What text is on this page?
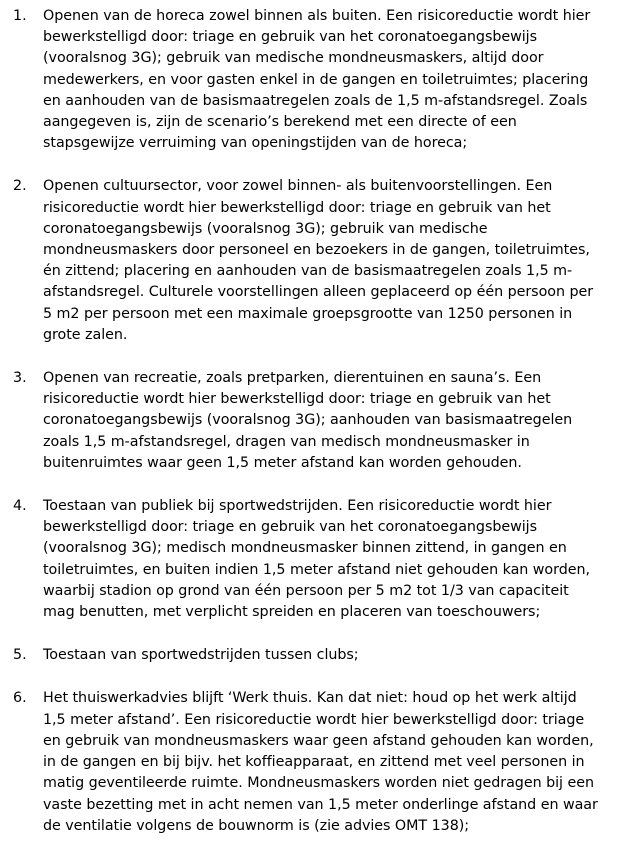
1. Openen van de horeca zowel binnen als buiten. Een risicoreductie wordt hier
bewerkstelligd door: triage en gebruik van het coronatoegangsbewijs
(vooralsnog 3G); gebruik van medische mondneusmaskers, altijd door
medewerkers, en voor gasten enkel in de gangen en toiletruimtes; placering
en aanhouden van de basismaatregelen zoals de 1,5 m-afstandsregel. Zoals
aangegeven is, zijn de scenario’s berekend met een directe of een
stapsgewijze verruiming van openingstijden van de horeca;
2. Openen cultuursector, voor zowel binnen- als buitenvoorstellingen. Een
risicoreductie wordt hier bewerkstelligd door: triage en gebruik van het
coronatoegangsbewijs (vooralsnog 3G); gebruik van medische
mondneusmaskers door personeel en bezoekers in de gangen, toiletruimtes,
én zittend; placering en aanhouden van de basismaatregelen zoals 1,5 m-
afstandsregel. Culturele voorstellingen alleen geplaceerd op één persoon per
5 m2 per persoon met een maximale groepsgrootte van 1250 personen in
grote zalen.
3. Openen van recreatie, zoals pretparken, dierentuinen en sauna’s. Een
risicoreductie wordt hier bewerkstelligd door: triage en gebruik van het
coronatoegangsbewijs (vooralsnog 3G); aanhouden van basismaatregelen
zoals 1,5 m-afstandsregel, dragen van medisch mondneusmasker in
buitenruimtes waar geen 1,5 meter afstand kan worden gehouden.
4. Toestaan van publiek bij sportwedstrijden. Een risicoreductie wordt hier
bewerkstelligd door: triage en gebruik van het coronatoegangsbewijs
(vooralsnog 3G); medisch mondneusmasker binnen zittend, in gangen en
toiletruimtes, en buiten indien 1,5 meter afstand niet gehouden kan worden,
waarbij stadion op grond van één persoon per 5 m2 tot 1/3 van capaciteit
mag benutten, met verplicht spreiden en placeren van toeschouwers;
5. Toestaan van sportwedstrijden tussen clubs;
6. Het thuiswerkadvies blijft ‘Werk thuis. Kan dat niet: houd op het werk altijd
1,5 meter afstand’. Een risicoreductie wordt hier bewerkstelligd door: triage
en gebruik van mondneusmaskers waar geen afstand gehouden kan worden,
in de gangen en bij bijv. het koffieapparaat, en zittend met veel personen in
matig geventileerde ruimte. Mondneusmaskers worden niet gedragen bij een
vaste bezetting met in acht nemen van 1,5 meter onderlinge afstand en waar
de ventilatie volgens de bouwnorm is (zie advies OMT 138);
